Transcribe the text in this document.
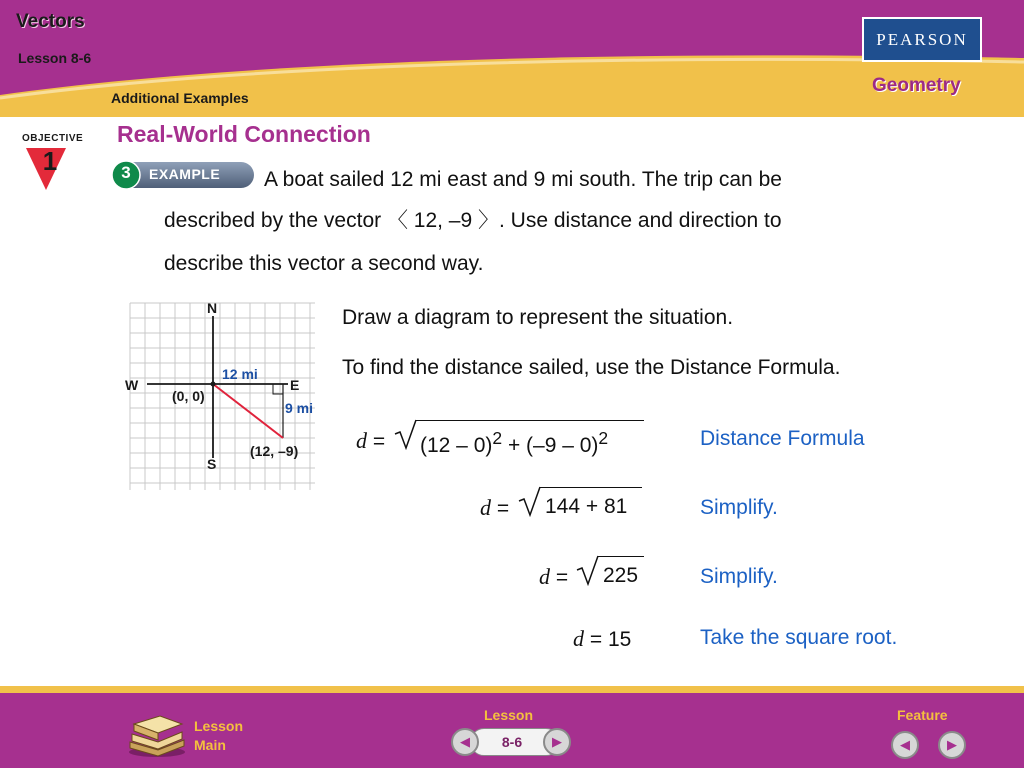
Vectors
Lesson 8-6
Additional Examples
PEARSON
Geometry
OBJECTIVE
1
Real-World Connection
3	EXAMPLE A boat sailed 12 mi east and 9 mi south. The trip can be
described by the vector 〈 12, –9 〉. Use distance and direction to
describe this vector a second way.
Draw a diagram to represent the situation.
To find the distance sailed, use the Distance Formula.
N
S
W	E
12 mi
9 mi
(0, 0)
(12, –9)	d = (12 – 0)$^2$ + (–9 – 0)$^2$	Distance Formula
d = 144 + 81	Simplify.
d = 225	Simplify.
d = 15	Take the square root.
Lesson
Main
Lesson
◀	▶
8-6
Feature
◀	▶
